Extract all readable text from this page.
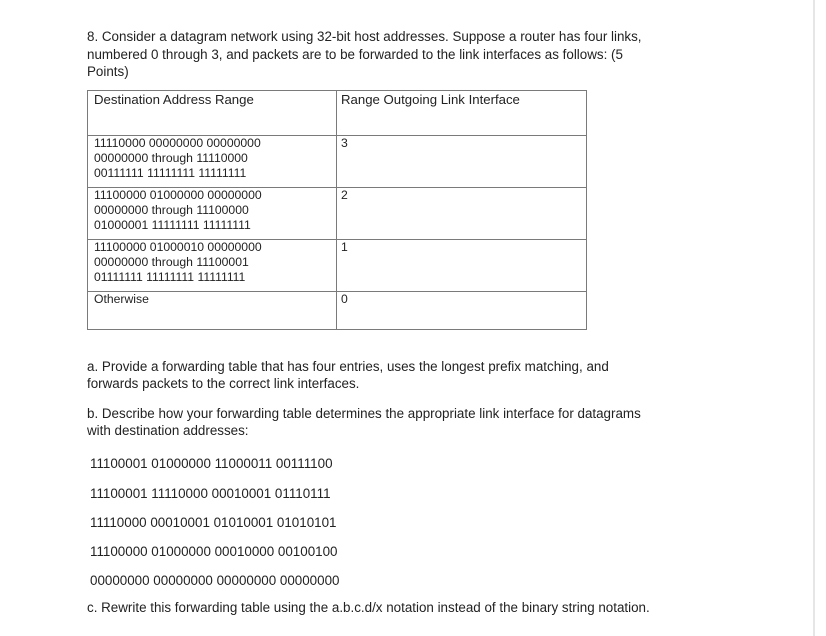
8. Consider a datagram network using 32-bit host addresses. Suppose a router has four links,
numbered 0 through 3, and packets are to be forwarded to the link interfaces as follows: (5
Points)
Destination Address Range	Range Outgoing Link Interface

11110000 00000000 00000000
00000000 through 11110000
00111111 11111111 11111111	3

11100000 01000000 00000000
00000000 through 11100000
01000001 11111111 11111111	2

11100000 01000010 00000000
00000000 through 11100001
01111111 11111111 11111111	1

Otherwise	0
a. Provide a forwarding table that has four entries, uses the longest prefix matching, and
forwards packets to the correct link interfaces.
b. Describe how your forwarding table determines the appropriate link interface for datagrams
with destination addresses:
11100001 01000000 11000011 00111100
11100001 11110000 00010001 01110111
11110000 00010001 01010001 01010101
11100000 01000000 00010000 00100100
00000000 00000000 00000000 00000000
c. Rewrite this forwarding table using the a.b.c.d/x notation instead of the binary string notation.
